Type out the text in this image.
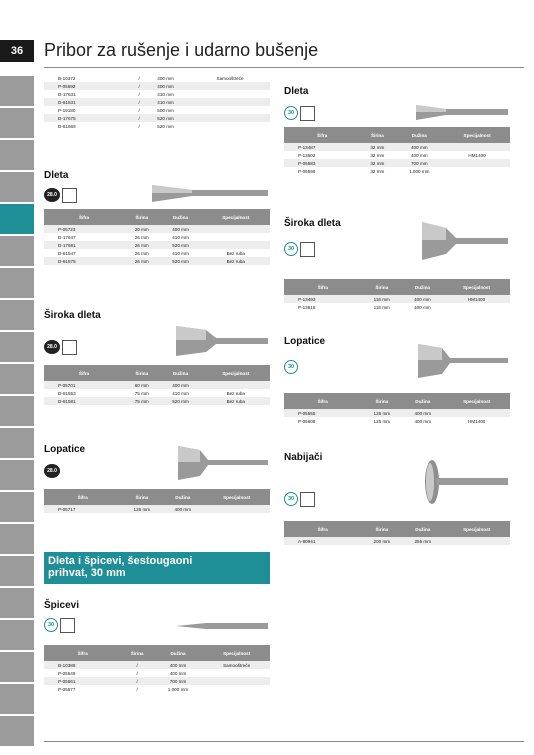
36	Pribor za rušenje i udarno bušenje
B-10372	/	400 mm	Samooštreće
P-05692	/	400 mm	
D-17631	/	410 mm	
D-61531	/	410 mm	
P-19180	/	500 mm	
D-17675	/	520 mm	
D-61569	/	520 mm	
Dleta
28.0
Šifra	Širina	Dužina	Specijalnost
P-05723	20 mm	400 mm	
D-17647	26 mm	410 mm	
D-17681	26 mm	520 mm	
D-61547	26 mm	410 mm	Bez ruba
D-61575	26 mm	520 mm	Bez ruba
Široka dleta
28.0
Šifra	Širina	Dužina	Specijalnost
P-05701	60 mm	400 mm	
D-61553	75 mm	410 mm	Bez ruba
D-61581	75 mm	520 mm	Bez ruba
Lopatice
28.0
Šifra	Širina	Dužina	Specijalnost
P-05717	125 mm	400 mm	
Dleta i špicevi, šestougaoni
prihvat, 30 mm
Špicevi
30
Šifra	Širina	Dužina	Specijalnost
B-10388	/	400 mm	Samooštreće
P-05549	/	400 mm	
P-05561	/	700 mm	
P-05577	/	1.000 mm	
Dleta
30
Šifra	Širina	Dužina	Specijalnost
P-13487	32 mm	400 mm	
P-13502	32 mm	400 mm	HM1400
P-05583	32 mm	700 mm	
P-05599	32 mm	1.000 mm	
Široka dleta
30
Šifra	Širina	Dužina	Specijalnost
P-13493	115 mm	400 mm	HM1400
P-13518	115 mm	400 mm	
Lopatice
30
Šifra	Širina	Dužina	Specijalnost
P-05555	125 mm	400 mm	
P-05608	125 mm	400 mm	HM1400
Nabijači
30
Šifra	Širina	Dužina	Specijalnost
A-80941	200 mm	255 mm	
